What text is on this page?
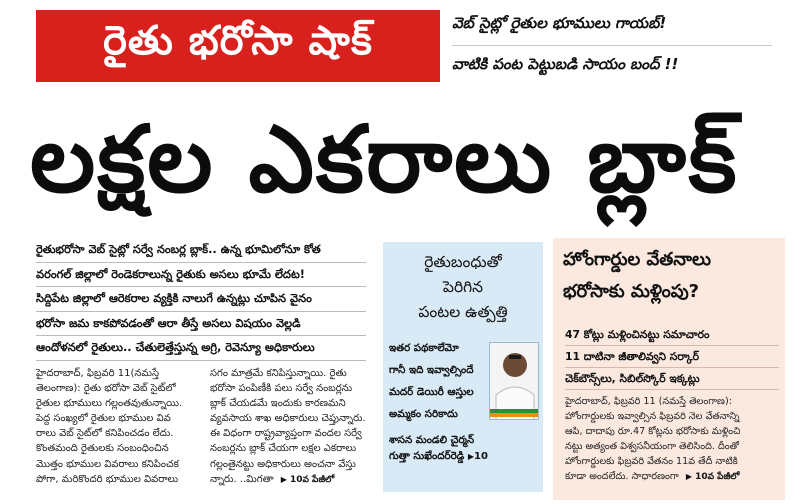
రైతు భరోసా షాక్	వెబ్ సైట్లో రైతుల భూములు గాయబ్!
వాటికి పంట పెట్టుబడి సాయం బంద్ !!
లక్షల ఎకరాలు బ్లాక్

రైతుభరోసా వెబ్ సైట్లో సర్వే నంబర్ల బ్లాక్.. ఉన్న భూమిలోనూ కోత

వరంగల్ జిల్లాలో రెండెకరాలున్న రైతుకు అసలు భూమే లేదట!

సిద్దిపేట జిల్లాలో ఆరెకరాల వ్యక్తికి నాలుగే ఉన్నట్లు చూపిన వైనం

భరోసా జమ కాకపోవడంతో ఆరా తీస్తే అసలు విషయం వెల్లడి

ఆందోళనలో రైతులు.. చేతులెత్తేస్తున్న అగ్రి, రెవెన్యూ అధికారులు

హైదరాబాద్, ఫిబ్రవరి 11(నమస్తే
తెలంగాణ): రైతు భరోసా వెబ్ సైట్‌లో
రైతుల భూములు గల్లంతవుతున్నాయి.
పెద్ద సంఖ్యలో రైతుల భూముల వివ
రాలు వెబ్ సైట్‌లో కనిపించడం లేదు.
కొంతమంది రైతులకు సంబంధించిన
మొత్తం భూముల వివరాలు కనిపించక
పోగా, మరికొందరి భూముల వివరాలు
సగం మాత్రమే కనిపిస్తున్నాయి. రైతు
భరోసా పంపిణీకి పలు సర్వే నంబర్లను
బ్లాక్ చేయడమే ఇందుకు కారణమని
వ్యవసాయ శాఖ అధికారులు చెప్తున్నారు.
ఈ విధంగా రాష్ట్రవ్యాప్తంగా వందల సర్వే
నంబర్లను బ్లాక్ చేయగా లక్షల ఎకరాలు
గల్లంతైనట్టు అధికారులు అంచనా వేస్తు
న్నారు. ..మిగతా ▶ 10వ పేజీలో
రైతుబంధుతో
పెరిగిన
పంటల ఉత్పత్తి

ఇతర పథకాలేమో

గానీ ఇది ఇవ్వాల్సిందే

మదర్ డెయిరీ ఆస్తుల

అమ్మకం సరికాదు

శాసన మండలి చైర్మన్

గుత్తా సుఖేందర్‌రెడ్డి ▶10

హోంగార్డుల వేతనాలు
భరోసాకు మళ్లింపు?

47 కోట్లు మళ్లించినట్టు సమాచారం

11 దాటినా జీతాలివ్వని సర్కార్

చెక్‌బౌన్స్‌లు, సిబిల్‌స్కోర్ ఇక్కట్లు

హైదరాబాద్, ఫిబ్రవరి 11 (నమస్తే తెలంగాణ):
హోంగార్డులకు ఇవ్వాల్సిన ఫిబ్రవరి నెల వేతనాన్ని
ఆపి, దాదాపు రూ.47 కోట్లను భరోసాకు మళ్లించి
నట్టు అత్యంత విశ్వసనీయంగా తెలిసింది. దీంతో
హోంగార్డులకు ఫిబ్రవరి వేతనం 11వ తేదీ నాటికి
కూడా అందలేదు. సాధారణంగా ▶ 10వ పేజీలో
